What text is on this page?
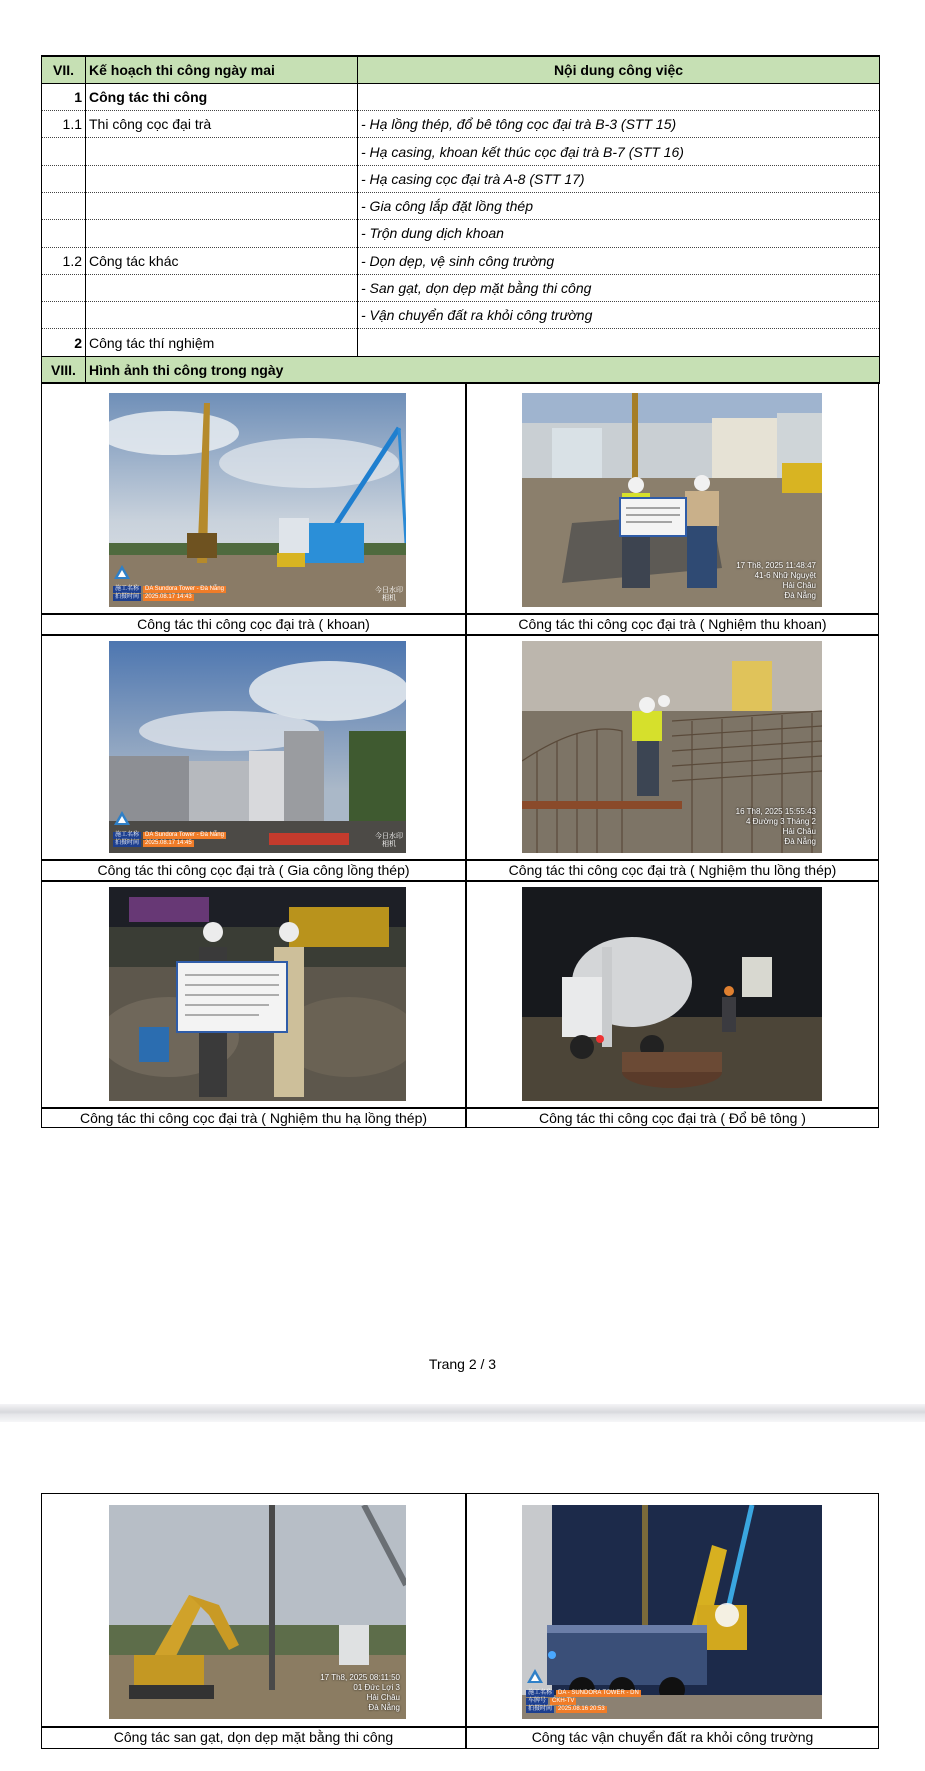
VII.	Kế hoạch thi công ngày mai	Nội dung công việc
1	Công tác thi công	
1.1	Thi công cọc đại trà	- Hạ lồng thép, đổ bê tông cọc đại trà B-3 (STT 15)
		- Hạ casing, khoan kết thúc cọc đại trà B-7 (STT 16)
		- Hạ casing cọc đại trà A-8 (STT 17)
		- Gia công lắp đặt lồng thép
		- Trộn dung dịch khoan
1.2	Công tác khác	- Dọn dẹp, vệ sinh công trường
		- San gạt, dọn dẹp mặt bằng thi công
		- Vận chuyển đất ra khỏi công trường
2	Công tác thí nghiệm	
VIII.	Hình ảnh thi công trong ngày	
施工名称	DA Sundora Tower - Đà Nẵng
拍摄时间	2025.08.17 14:43
今日水印
相机
17 Th8, 2025 11:48:47
41-6 Nhữ Nguyệt
Hải Châu
Đà Nẵng
Công tác thi công cọc đại trà ( khoan)	Công tác thi công cọc đại trà ( Nghiệm thu khoan)
施工名称	DA Sundora Tower - Đà Nẵng
拍摄时间	2025.08.17 14:45
今日水印
相机
16 Th8, 2025 15:55:43
4 Đường 3 Tháng 2
Hải Châu
Đà Nẵng
Công tác thi công cọc đại trà ( Gia công lồng thép)	Công tác thi công cọc đại trà ( Nghiệm thu lồng thép)
Công tác thi công cọc đại trà ( Nghiệm thu hạ lồng thép)	Công tác thi công cọc đại trà ( Đổ bê tông )
Trang 2 / 3
17 Th8, 2025 08:11:50
01 Đức Lợi 3
Hải Châu
Đà Nẵng
施工名称	DA - SUNDORA TOWER - DN
车牌号	CKH-TV
拍摄时间	2025.08.16 20:53
Công tác san gạt, dọn dẹp mặt bằng thi công	Công tác vận chuyển đất ra khỏi công trường
